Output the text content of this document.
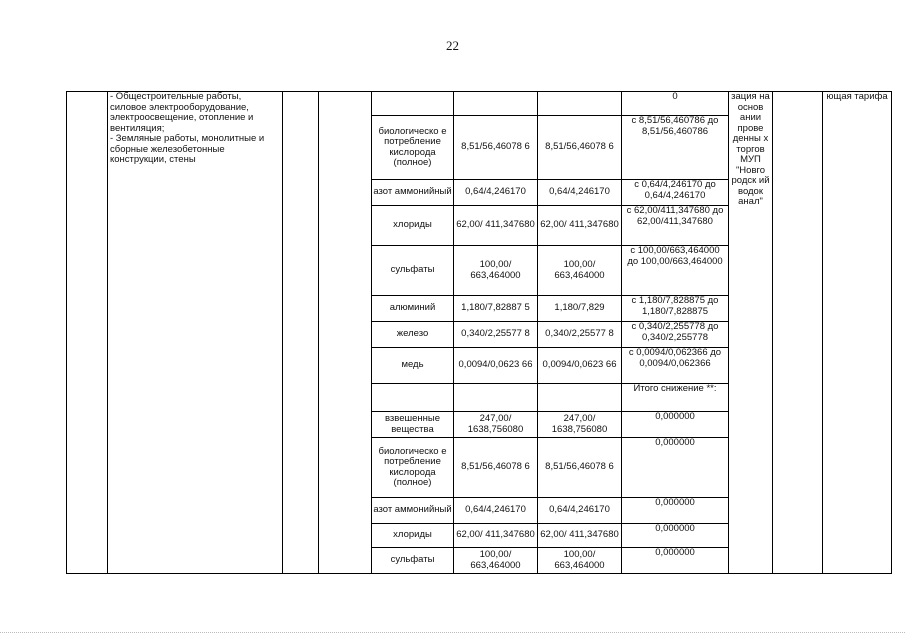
22
	- Общестроительные работы, силовое электрооборудование, электроосвещение, отопление и вентиляция;
- Земляные работы, монолитные и сборные железобетонные конструкции, стены						0	зация на основ ании прове денны х торгов МУП "Новго родск ий водок анал"		ющая тарифа
				биологическо е потребление кислорода (полное)	8,51/56,46078 6	8,51/56,46078 6	с 8,51/56,460786 до 8,51/56,460786			
				азот аммонийный	0,64/4,246170	0,64/4,246170	с 0,64/4,246170 до 0,64/4,246170			
				хлориды	62,00/ 411,347680	62,00/ 411,347680	с 62,00/411,347680 до 62,00/411,347680			
				сульфаты	100,00/ 663,464000	100,00/ 663,464000	с 100,00/663,464000 до 100,00/663,464000			
				алюминий	1,180/7,82887 5	1,180/7,829	с 1,180/7,828875 до 1,180/7,828875			
				железо	0,340/2,25577 8	0,340/2,25577 8	с 0,340/2,255778 до 0,340/2,255778			
				медь	0,0094/0,0623 66	0,0094/0,0623 66	с 0,0094/0,062366 до 0,0094/0,062366			
							Итого снижение **:			
				взвешенные вещества	247,00/ 1638,756080	247,00/ 1638,756080	0,000000			
				биологическо е потребление кислорода (полное)	8,51/56,46078 6	8,51/56,46078 6	0,000000			
				азот аммонийный	0,64/4,246170	0,64/4,246170	0,000000			
				хлориды	62,00/ 411,347680	62,00/ 411,347680	0,000000			
				сульфаты	100,00/ 663,464000	100,00/ 663,464000	0,000000			
